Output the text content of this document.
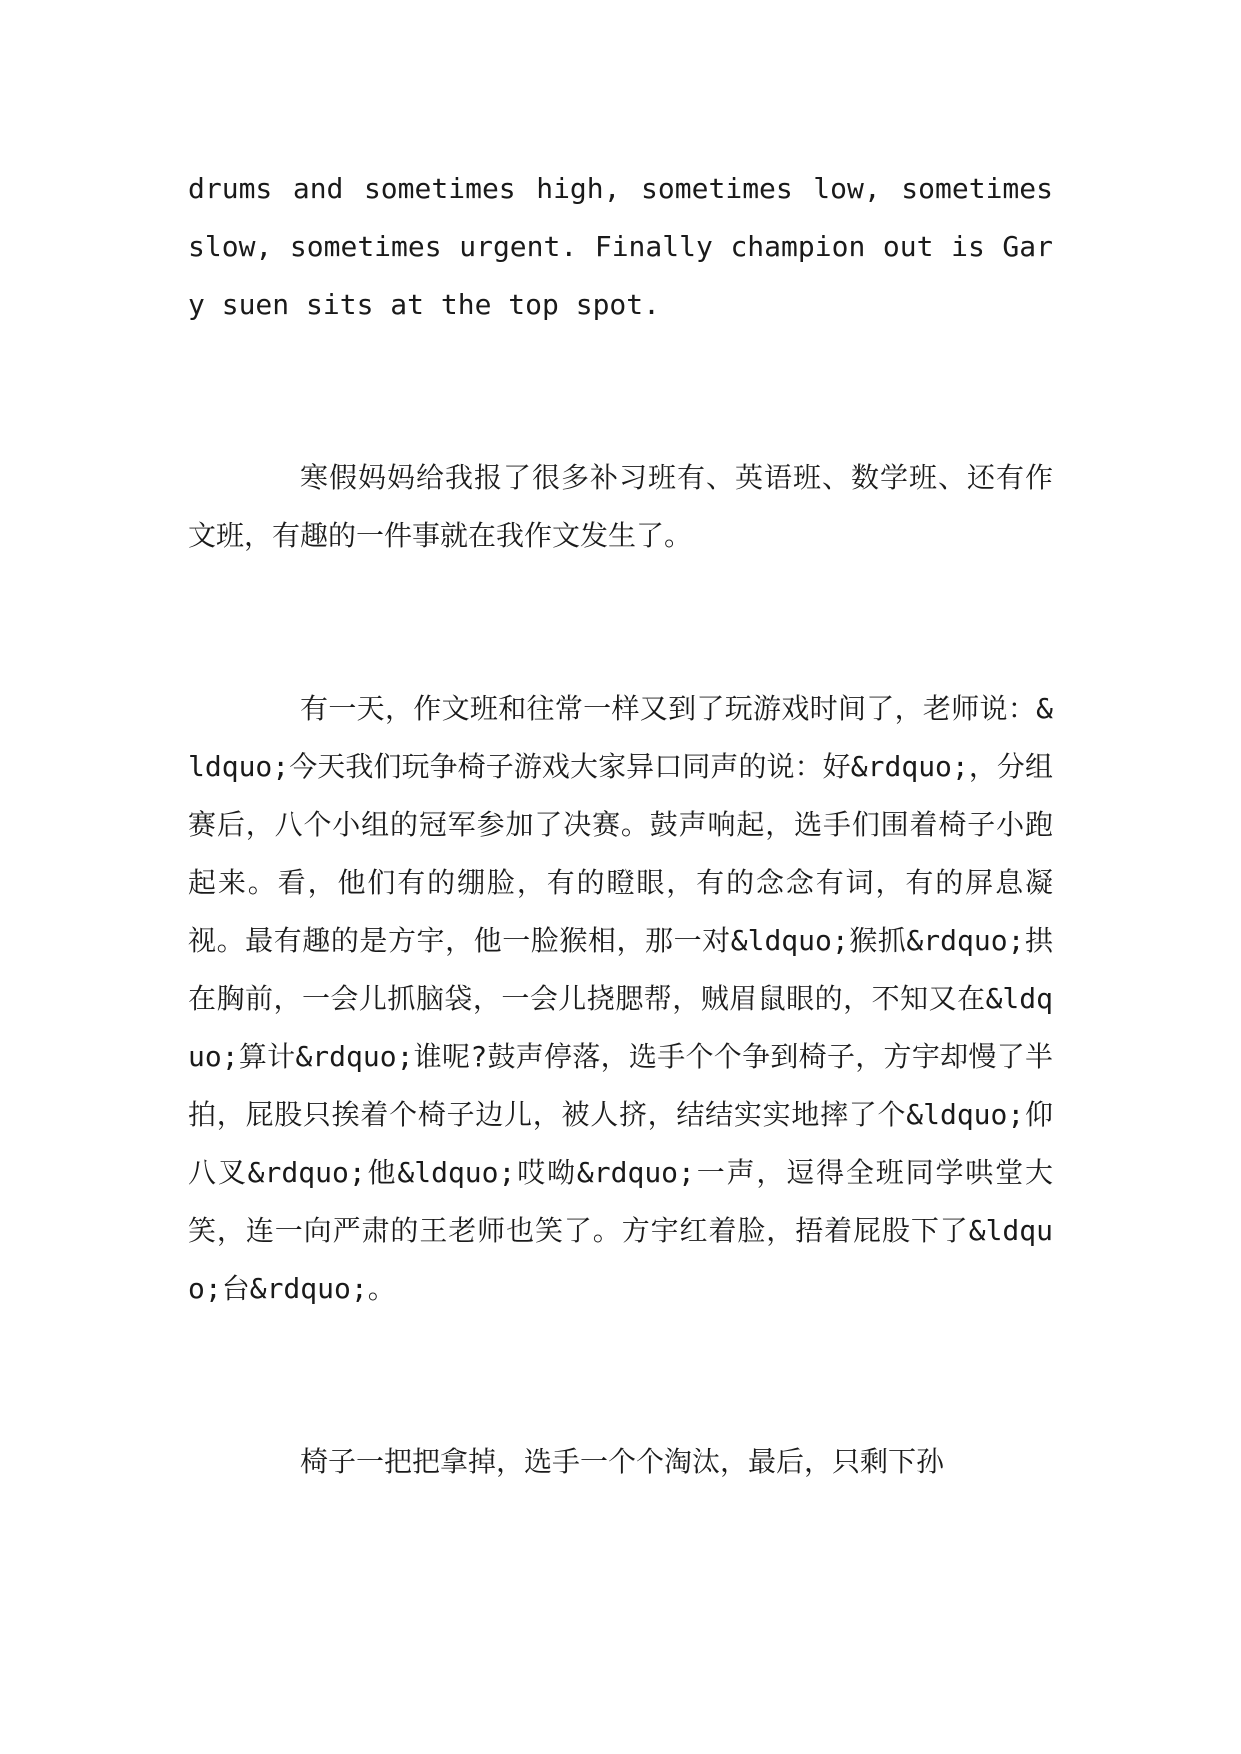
drums and sometimes high, sometimes low, sometimes slow, sometimes urgent. Finally champion out is Gary suen sits at the top spot.

寒假妈妈给我报了很多补习班有、英语班、数学班、还有作文班，有趣的一件事就在我作文发生了。

有一天，作文班和往常一样又到了玩游戏时间了，老师说：&ldquo;今天我们玩争椅子游戏大家异口同声的说：好&rdquo;，分组赛后，八个小组的冠军参加了决赛。鼓声响起，选手们围着椅子小跑起来。看，他们有的绷脸，有的瞪眼，有的念念有词，有的屏息凝视。最有趣的是方宇，他一脸猴相，那一对&ldquo;猴抓&rdquo;拱在胸前，一会儿抓脑袋，一会儿挠腮帮，贼眉鼠眼的，不知又在&ldquo;算计&rdquo;谁呢?鼓声停落，选手个个争到椅子，方宇却慢了半拍，屁股只挨着个椅子边儿，被人挤，结结实实地摔了个&ldquo;仰八叉&rdquo;他&ldquo;哎呦&rdquo;一声，逗得全班同学哄堂大笑，连一向严肃的王老师也笑了。方宇红着脸，捂着屁股下了&ldquo;台&rdquo;。

椅子一把把拿掉，选手一个个淘汰，最后，只剩下孙
